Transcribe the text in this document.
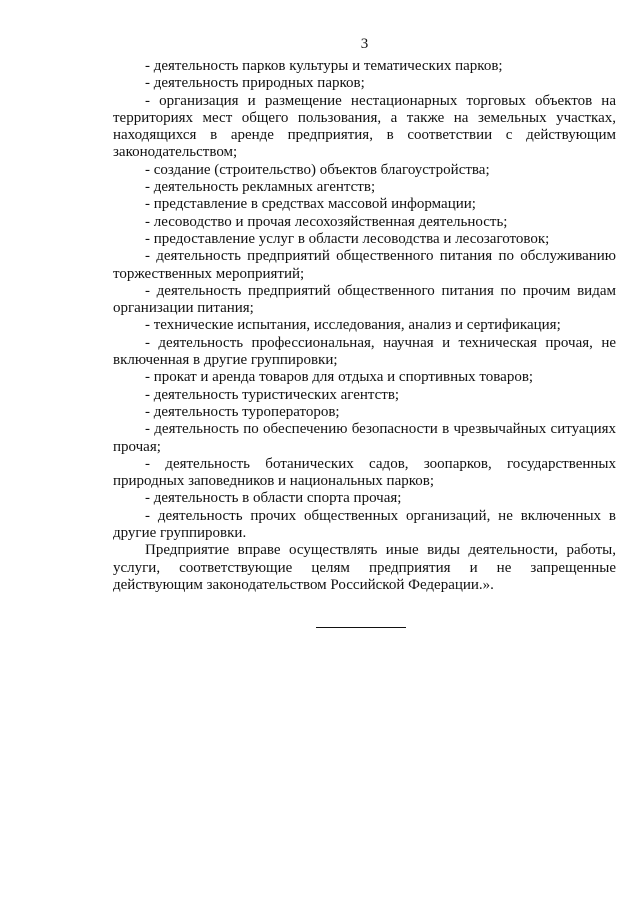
3

- деятельность парков культуры и тематических парков;

- деятельность природных парков;

- организация и размещение нестационарных торговых объектов на территориях мест общего пользования, а также на земельных участках, находящихся в аренде предприятия, в соответствии с действующим законодательством;

- создание (строительство) объектов благоустройства;

- деятельность рекламных агентств;

- представление в средствах массовой информации;

- лесоводство и прочая лесохозяйственная деятельность;

- предоставление услуг в области лесоводства и лесозаготовок;

- деятельность предприятий общественного питания по обслуживанию торжественных мероприятий;

- деятельность предприятий общественного питания по прочим видам организации питания;

- технические испытания, исследования, анализ и сертификация;

- деятельность профессиональная, научная и техническая прочая, не включенная в другие группировки;

- прокат и аренда товаров для отдыха и спортивных товаров;

- деятельность туристических агентств;

- деятельность туроператоров;

- деятельность по обеспечению безопасности в чрезвычайных ситуациях прочая;

- деятельность ботанических садов, зоопарков, государственных природных заповедников и национальных парков;

- деятельность в области спорта прочая;

- деятельность прочих общественных организаций, не включенных в другие группировки.

Предприятие вправе осуществлять иные виды деятельности, работы, услуги, соответствующие целям предприятия и не запрещенные действующим законодательством Российской Федерации.».
